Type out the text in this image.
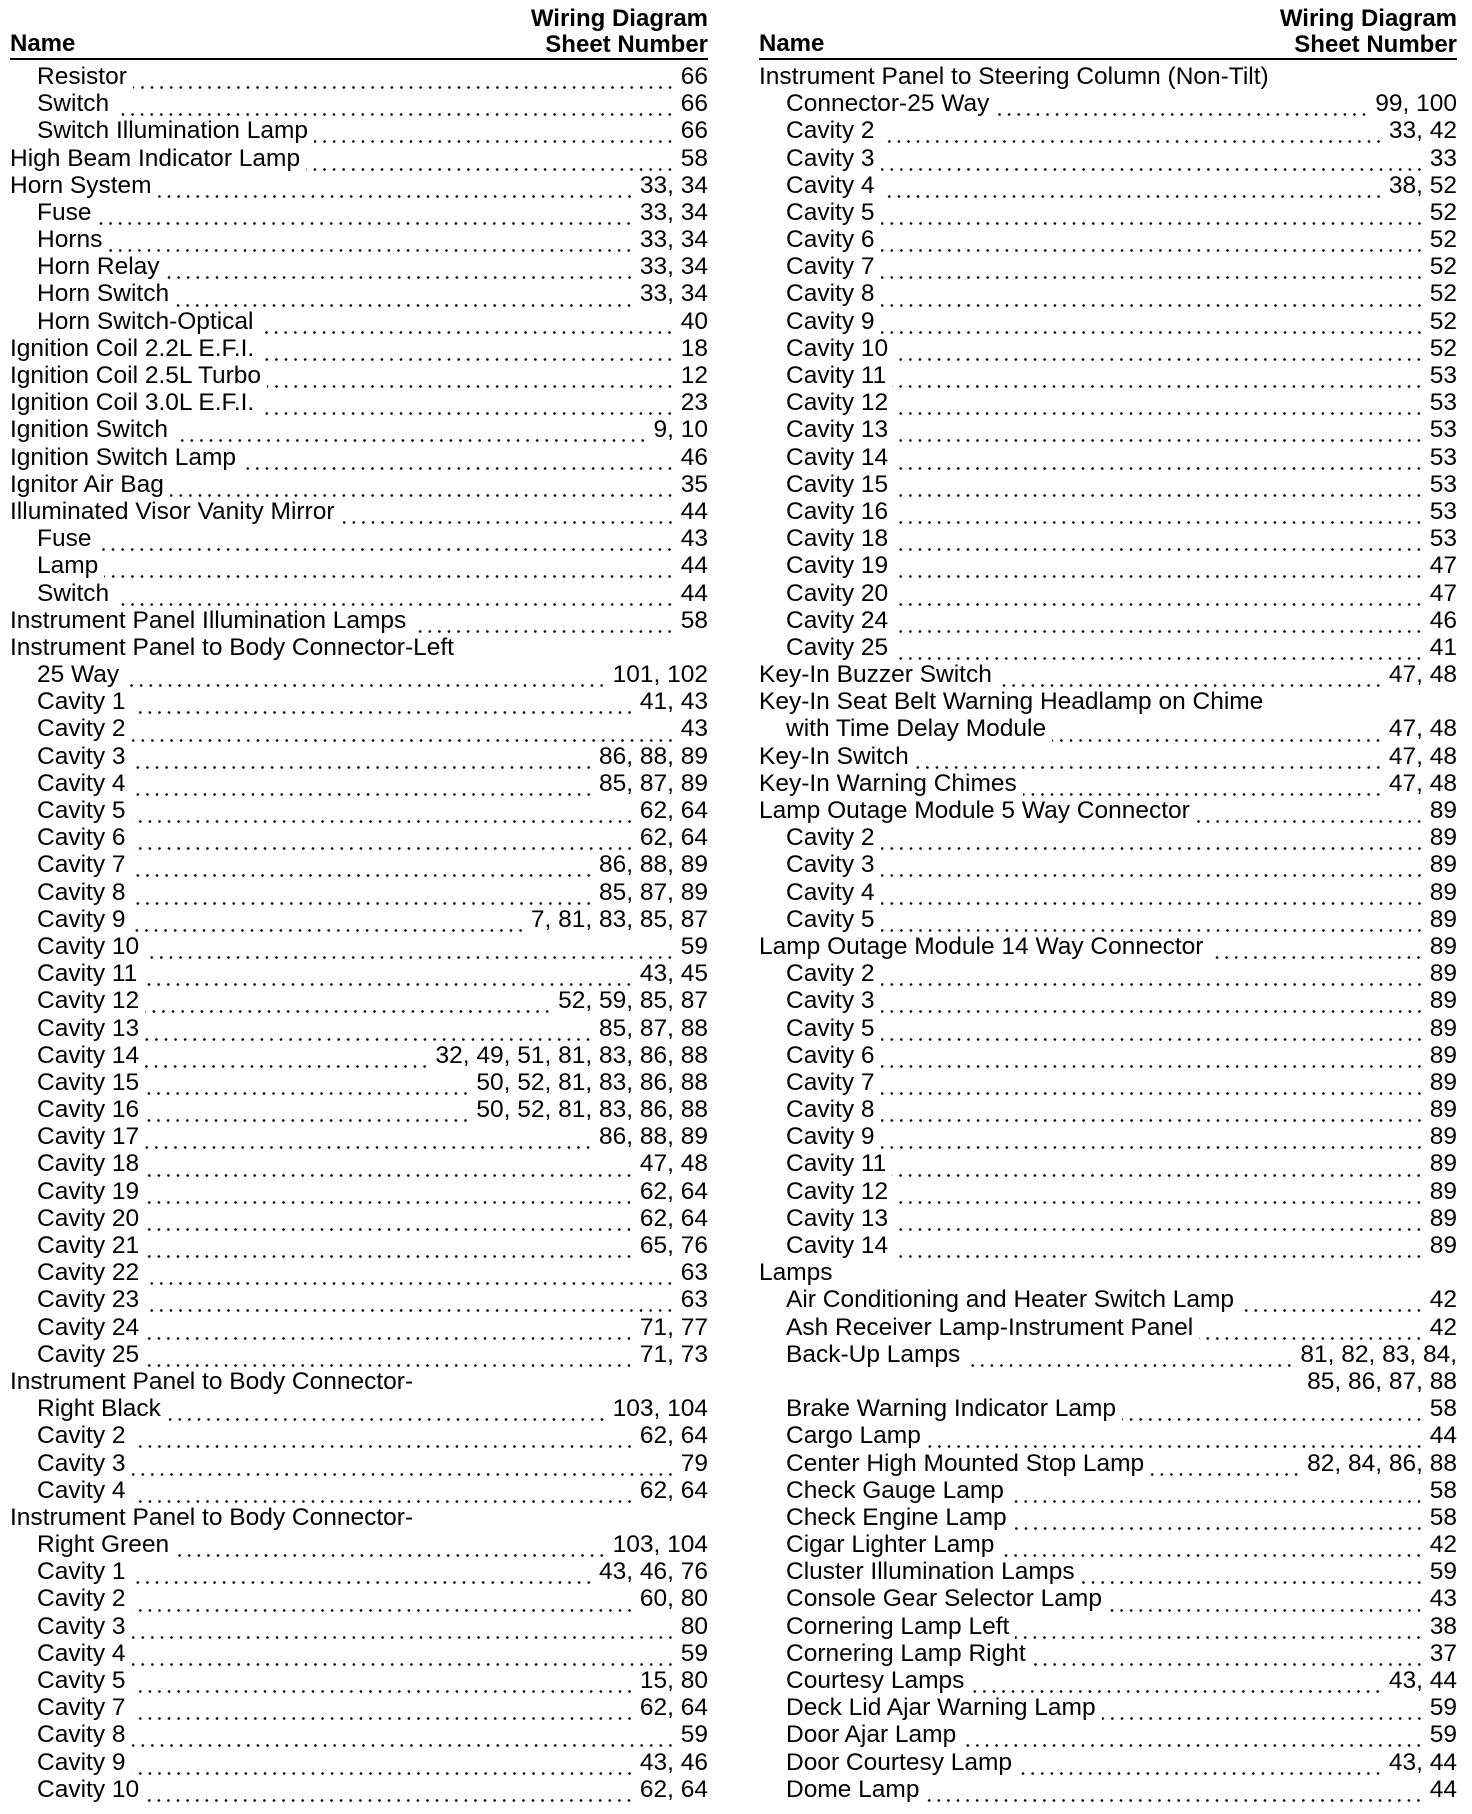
Name
Wiring Diagram
Sheet Number
Resistor	66
Switch	66
Switch Illumination Lamp	66
High Beam Indicator Lamp	58
Horn System	33, 34
Fuse	33, 34
Horns	33, 34
Horn Relay	33, 34
Horn Switch	33, 34
Horn Switch-Optical	40
Ignition Coil 2.2L E.F.I.	18
Ignition Coil 2.5L Turbo	12
Ignition Coil 3.0L E.F.I.	23
Ignition Switch	9, 10
Ignition Switch Lamp	46
Ignitor Air Bag	35
Illuminated Visor Vanity Mirror	44
Fuse	43
Lamp	44
Switch	44
Instrument Panel Illumination Lamps	58
Instrument Panel to Body Connector-Left
25 Way	101, 102
Cavity 1	41, 43
Cavity 2	43
Cavity 3	86, 88, 89
Cavity 4	85, 87, 89
Cavity 5	62, 64
Cavity 6	62, 64
Cavity 7	86, 88, 89
Cavity 8	85, 87, 89
Cavity 9	7, 81, 83, 85, 87
Cavity 10	59
Cavity 11	43, 45
Cavity 12	52, 59, 85, 87
Cavity 13	85, 87, 88
Cavity 14	32, 49, 51, 81, 83, 86, 88
Cavity 15	50, 52, 81, 83, 86, 88
Cavity 16	50, 52, 81, 83, 86, 88
Cavity 17	86, 88, 89
Cavity 18	47, 48
Cavity 19	62, 64
Cavity 20	62, 64
Cavity 21	65, 76
Cavity 22	63
Cavity 23	63
Cavity 24	71, 77
Cavity 25	71, 73
Instrument Panel to Body Connector-
Right Black	103, 104
Cavity 2	62, 64
Cavity 3	79
Cavity 4	62, 64
Instrument Panel to Body Connector-
Right Green	103, 104
Cavity 1	43, 46, 76
Cavity 2	60, 80
Cavity 3	80
Cavity 4	59
Cavity 5	15, 80
Cavity 7	62, 64
Cavity 8	59
Cavity 9	43, 46
Cavity 10	62, 64
Name
Wiring Diagram
Sheet Number
Instrument Panel to Steering Column (Non-Tilt)
Connector-25 Way	99, 100
Cavity 2	33, 42
Cavity 3	33
Cavity 4	38, 52
Cavity 5	52
Cavity 6	52
Cavity 7	52
Cavity 8	52
Cavity 9	52
Cavity 10	52
Cavity 11	53
Cavity 12	53
Cavity 13	53
Cavity 14	53
Cavity 15	53
Cavity 16	53
Cavity 18	53
Cavity 19	47
Cavity 20	47
Cavity 24	46
Cavity 25	41
Key-In Buzzer Switch	47, 48
Key-In Seat Belt Warning Headlamp on Chime
with Time Delay Module	47, 48
Key-In Switch	47, 48
Key-In Warning Chimes	47, 48
Lamp Outage Module 5 Way Connector	89
Cavity 2	89
Cavity 3	89
Cavity 4	89
Cavity 5	89
Lamp Outage Module 14 Way Connector	89
Cavity 2	89
Cavity 3	89
Cavity 5	89
Cavity 6	89
Cavity 7	89
Cavity 8	89
Cavity 9	89
Cavity 11	89
Cavity 12	89
Cavity 13	89
Cavity 14	89
Lamps
Air Conditioning and Heater Switch Lamp	42
Ash Receiver Lamp-Instrument Panel	42
Back-Up Lamps	81, 82, 83, 84,
85, 86, 87, 88
Brake Warning Indicator Lamp	58
Cargo Lamp	44
Center High Mounted Stop Lamp	82, 84, 86, 88
Check Gauge Lamp	58
Check Engine Lamp	58
Cigar Lighter Lamp	42
Cluster Illumination Lamps	59
Console Gear Selector Lamp	43
Cornering Lamp Left	38
Cornering Lamp Right	37
Courtesy Lamps	43, 44
Deck Lid Ajar Warning Lamp	59
Door Ajar Lamp	59
Door Courtesy Lamp	43, 44
Dome Lamp	44
